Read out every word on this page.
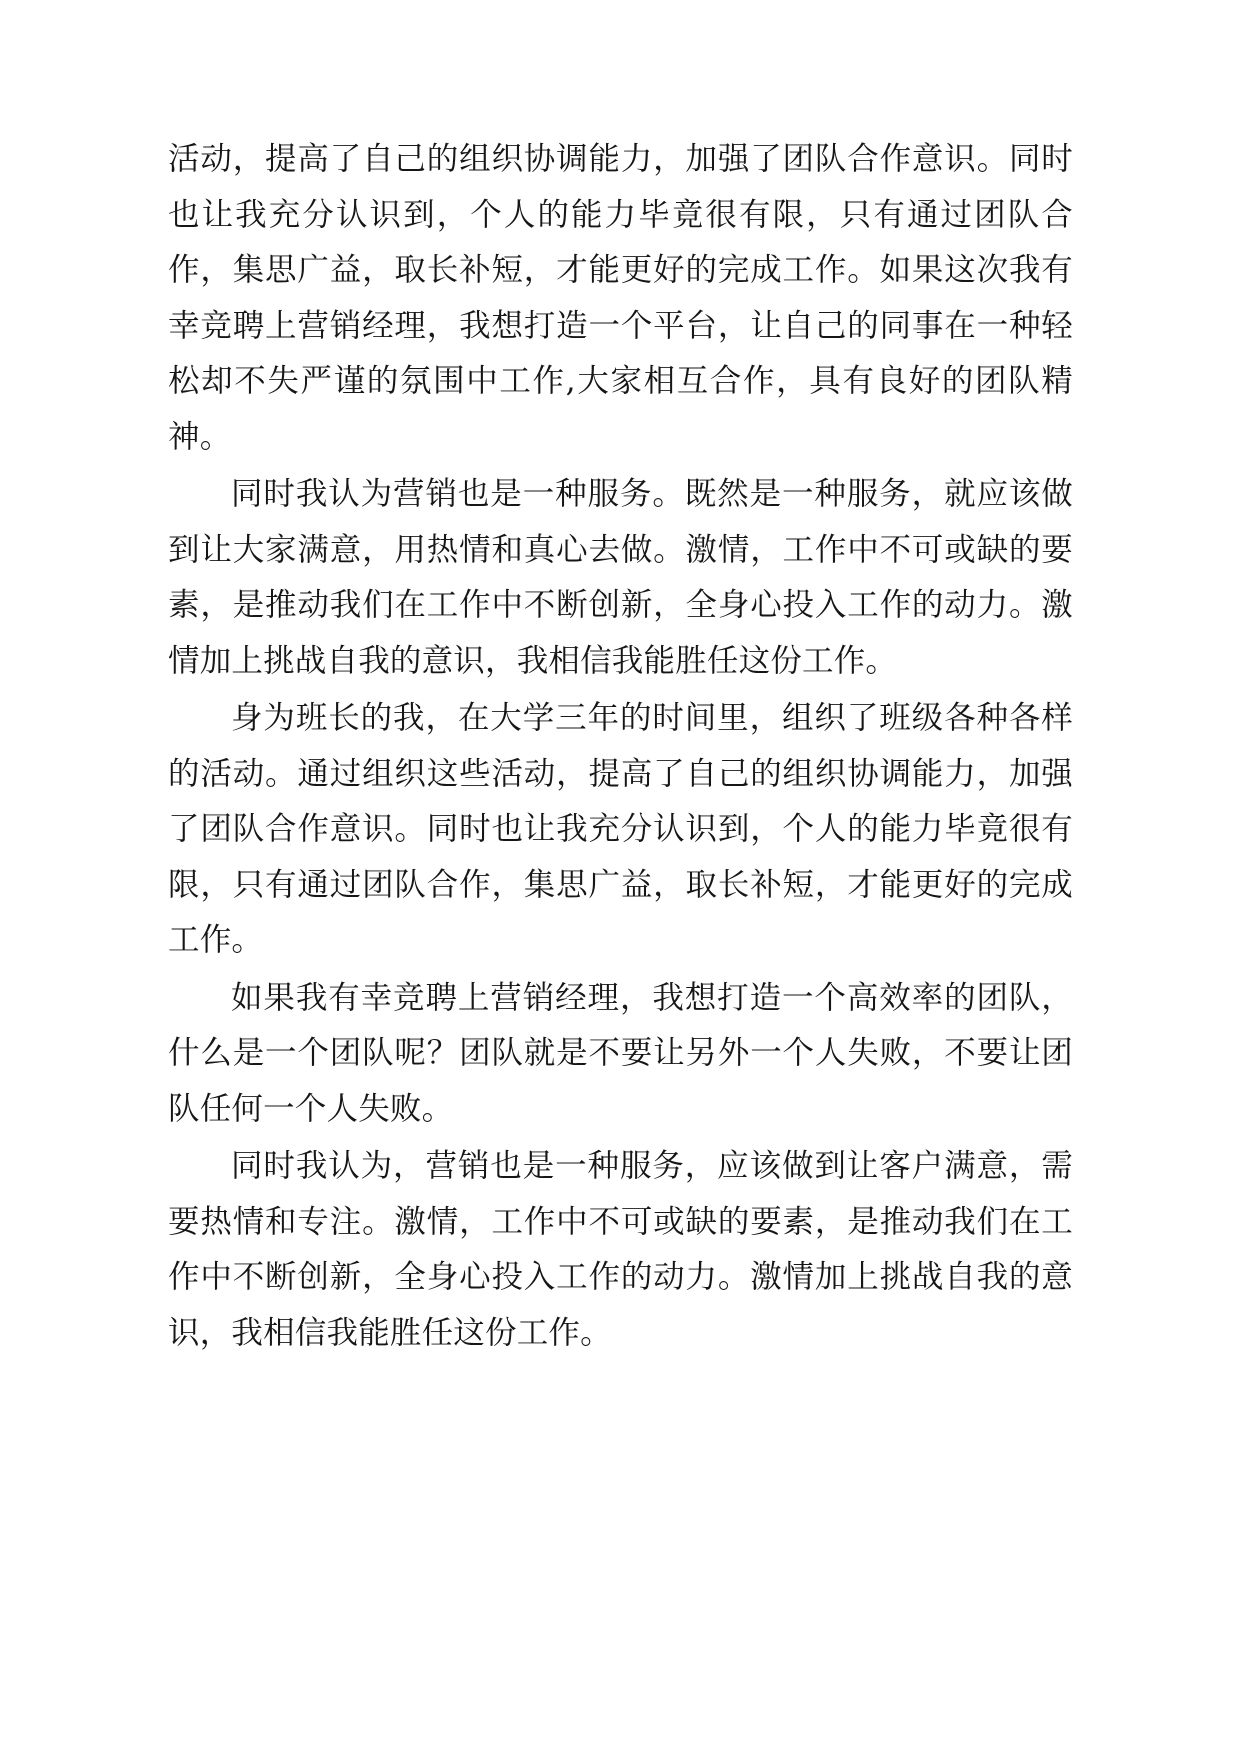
活动，提高了自己的组织协调能力，加强了团队合作意识。同时也让我充分认识到，个人的能力毕竟很有限，只有通过团队合作，集思广益，取长补短，才能更好的完成工作。如果这次我有幸竞聘上营销经理，我想打造一个平台，让自己的同事在一种轻松却不失严谨的氛围中工作,大家相互合作，具有良好的团队精神。

同时我认为营销也是一种服务。既然是一种服务，就应该做到让大家满意，用热情和真心去做。激情，工作中不可或缺的要素，是推动我们在工作中不断创新，全身心投入工作的动力。激情加上挑战自我的意识，我相信我能胜任这份工作。

身为班长的我，在大学三年的时间里，组织了班级各种各样的活动。通过组织这些活动，提高了自己的组织协调能力，加强了团队合作意识。同时也让我充分认识到，个人的能力毕竟很有限，只有通过团队合作，集思广益，取长补短，才能更好的完成工作。

如果我有幸竞聘上营销经理，我想打造一个高效率的团队，什么是一个团队呢？团队就是不要让另外一个人失败，不要让团队任何一个人失败。

同时我认为，营销也是一种服务，应该做到让客户满意，需要热情和专注。激情，工作中不可或缺的要素，是推动我们在工作中不断创新，全身心投入工作的动力。激情加上挑战自我的意识，我相信我能胜任这份工作。
